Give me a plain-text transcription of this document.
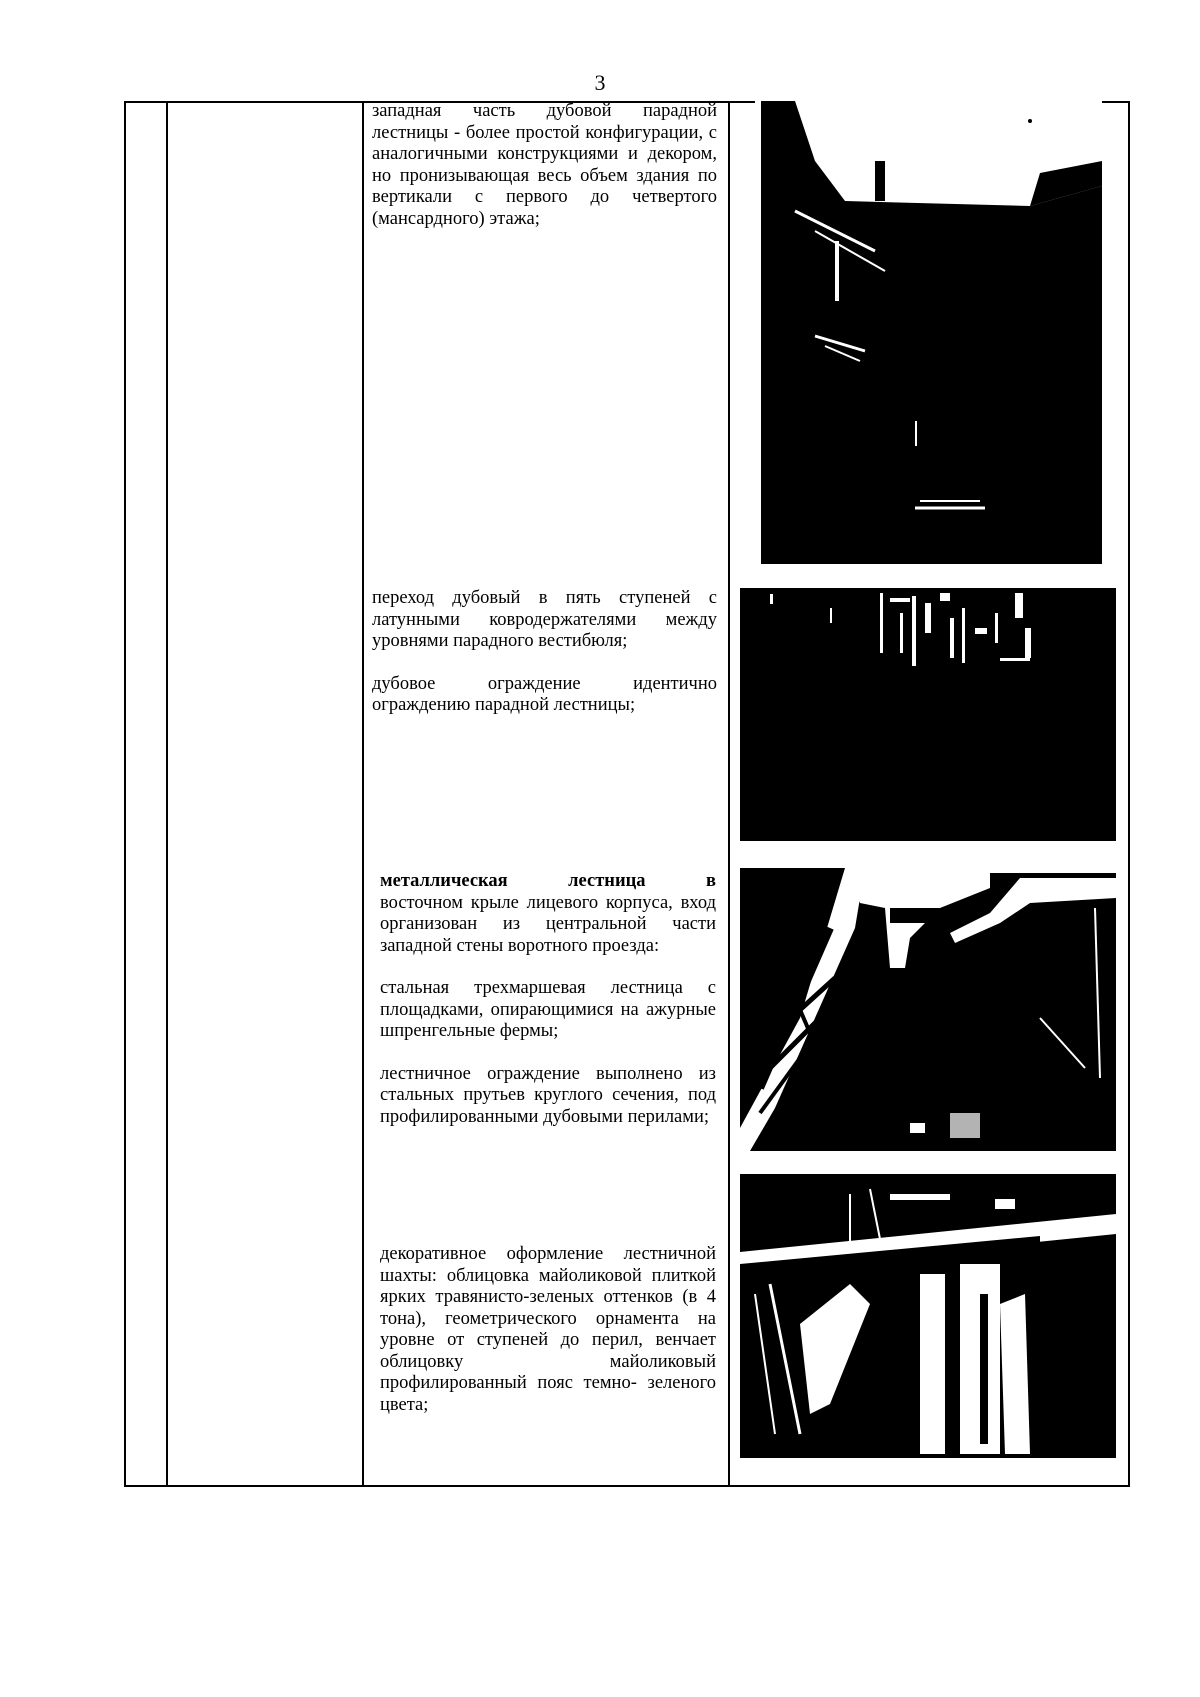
3

западная часть дубовой парадной лестницы - более простой конфигурации, с аналогичными конструкциями и декором, но пронизывающая весь объем здания по вертикали с первого до четвертого (мансардного) этажа;

переход дубовый в пять ступеней с латунными ковродержателями между уровнями парадного вестибюля;

дубовое ограждение идентично ограждению парадной лестницы;

металлическая лестница в

восточном крыле лицевого корпуса, вход организован из центральной части западной стены воротного проезда:

стальная трехмаршевая лестница с площадками, опирающимися на ажурные шпренгельные фермы;

лестничное ограждение выполнено из стальных прутьев круглого сечения, под профилированными дубовыми перилами;

декоративное оформление лестничной шахты: облицовка майоликовой плиткой ярких травянисто-зеленых оттенков (в 4 тона), геометрического орнамента на уровне от ступеней до перил, венчает облицовку майоликовый профилированный пояс темно- зеленого цвета;
